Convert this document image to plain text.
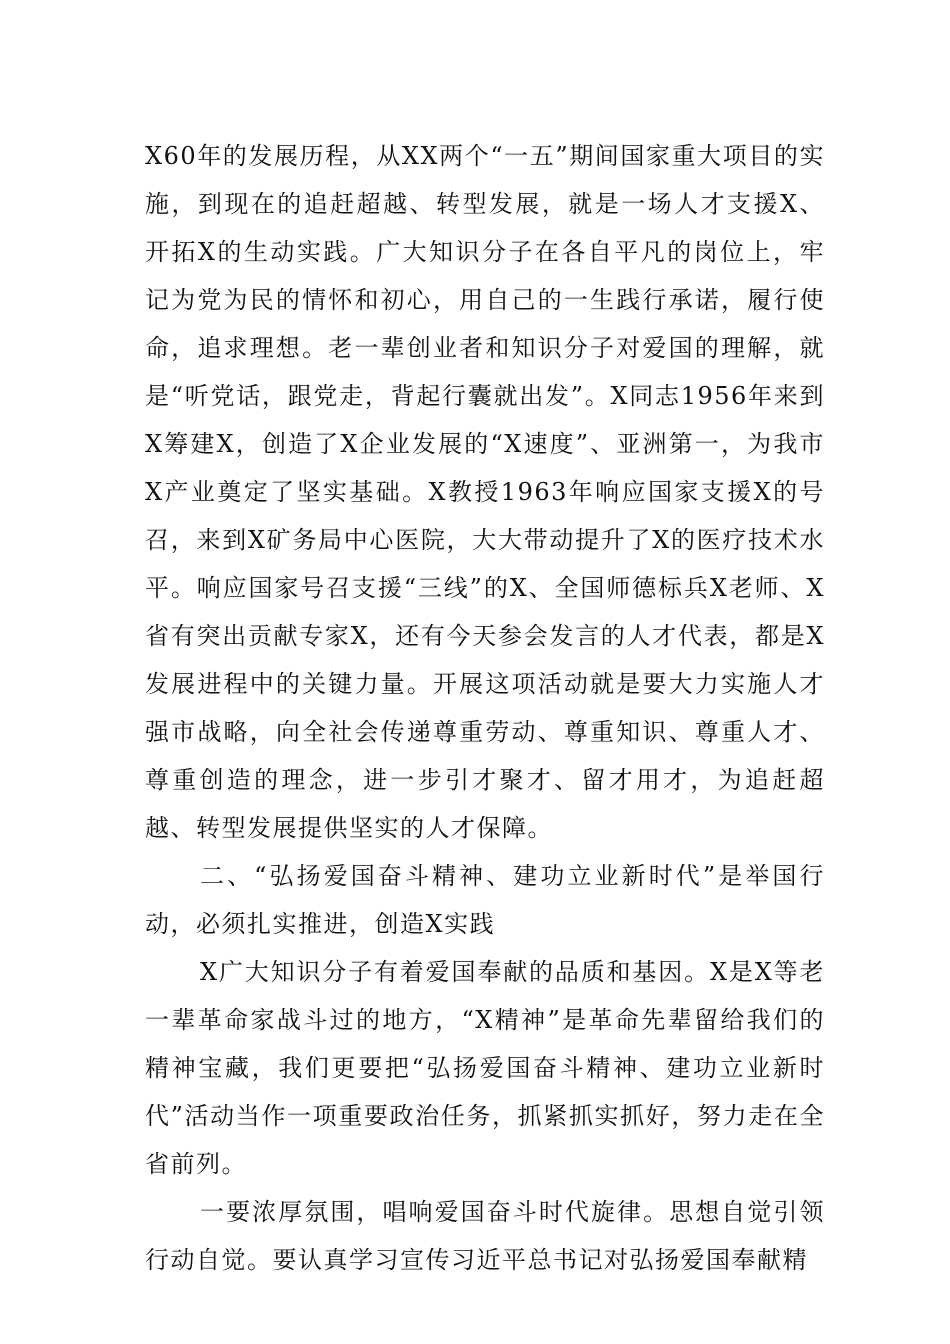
X60年的发展历程，从XX两个“一五”期间国家重大项目的实施，到现在的追赶超越、转型发展，就是一场人才支援X、开拓X的生动实践。广大知识分子在各自平凡的岗位上，牢记为党为民的情怀和初心，用自己的一生践行承诺，履行使命，追求理想。老一辈创业者和知识分子对爱国的理解，就是“听党话，跟党走，背起行囊就出发”。X同志1956年来到X筹建X，创造了X企业发展的“X速度”、亚洲第一，为我市X产业奠定了坚实基础。X教授1963年响应国家支援X的号召，来到X矿务局中心医院，大大带动提升了X的医疗技术水平。响应国家号召支援“三线”的X、全国师德标兵X老师、X省有突出贡献专家X，还有今天参会发言的人才代表，都是X发展进程中的关键力量。开展这项活动就是要大力实施人才强市战略，向全社会传递尊重劳动、尊重知识、尊重人才、尊重创造的理念，进一步引才聚才、留才用才，为追赶超越、转型发展提供坚实的人才保障。

二、“弘扬爱国奋斗精神、建功立业新时代”是举国行动，必须扎实推进，创造X实践

X广大知识分子有着爱国奉献的品质和基因。X是X等老一辈革命家战斗过的地方，“X精神”是革命先辈留给我们的精神宝藏，我们更要把“弘扬爱国奋斗精神、建功立业新时代”活动当作一项重要政治任务，抓紧抓实抓好，努力走在全省前列。

一要浓厚氛围，唱响爱国奋斗时代旋律。思想自觉引领行动自觉。要认真学习宣传习近平总书记对弘扬爱国奉献精
